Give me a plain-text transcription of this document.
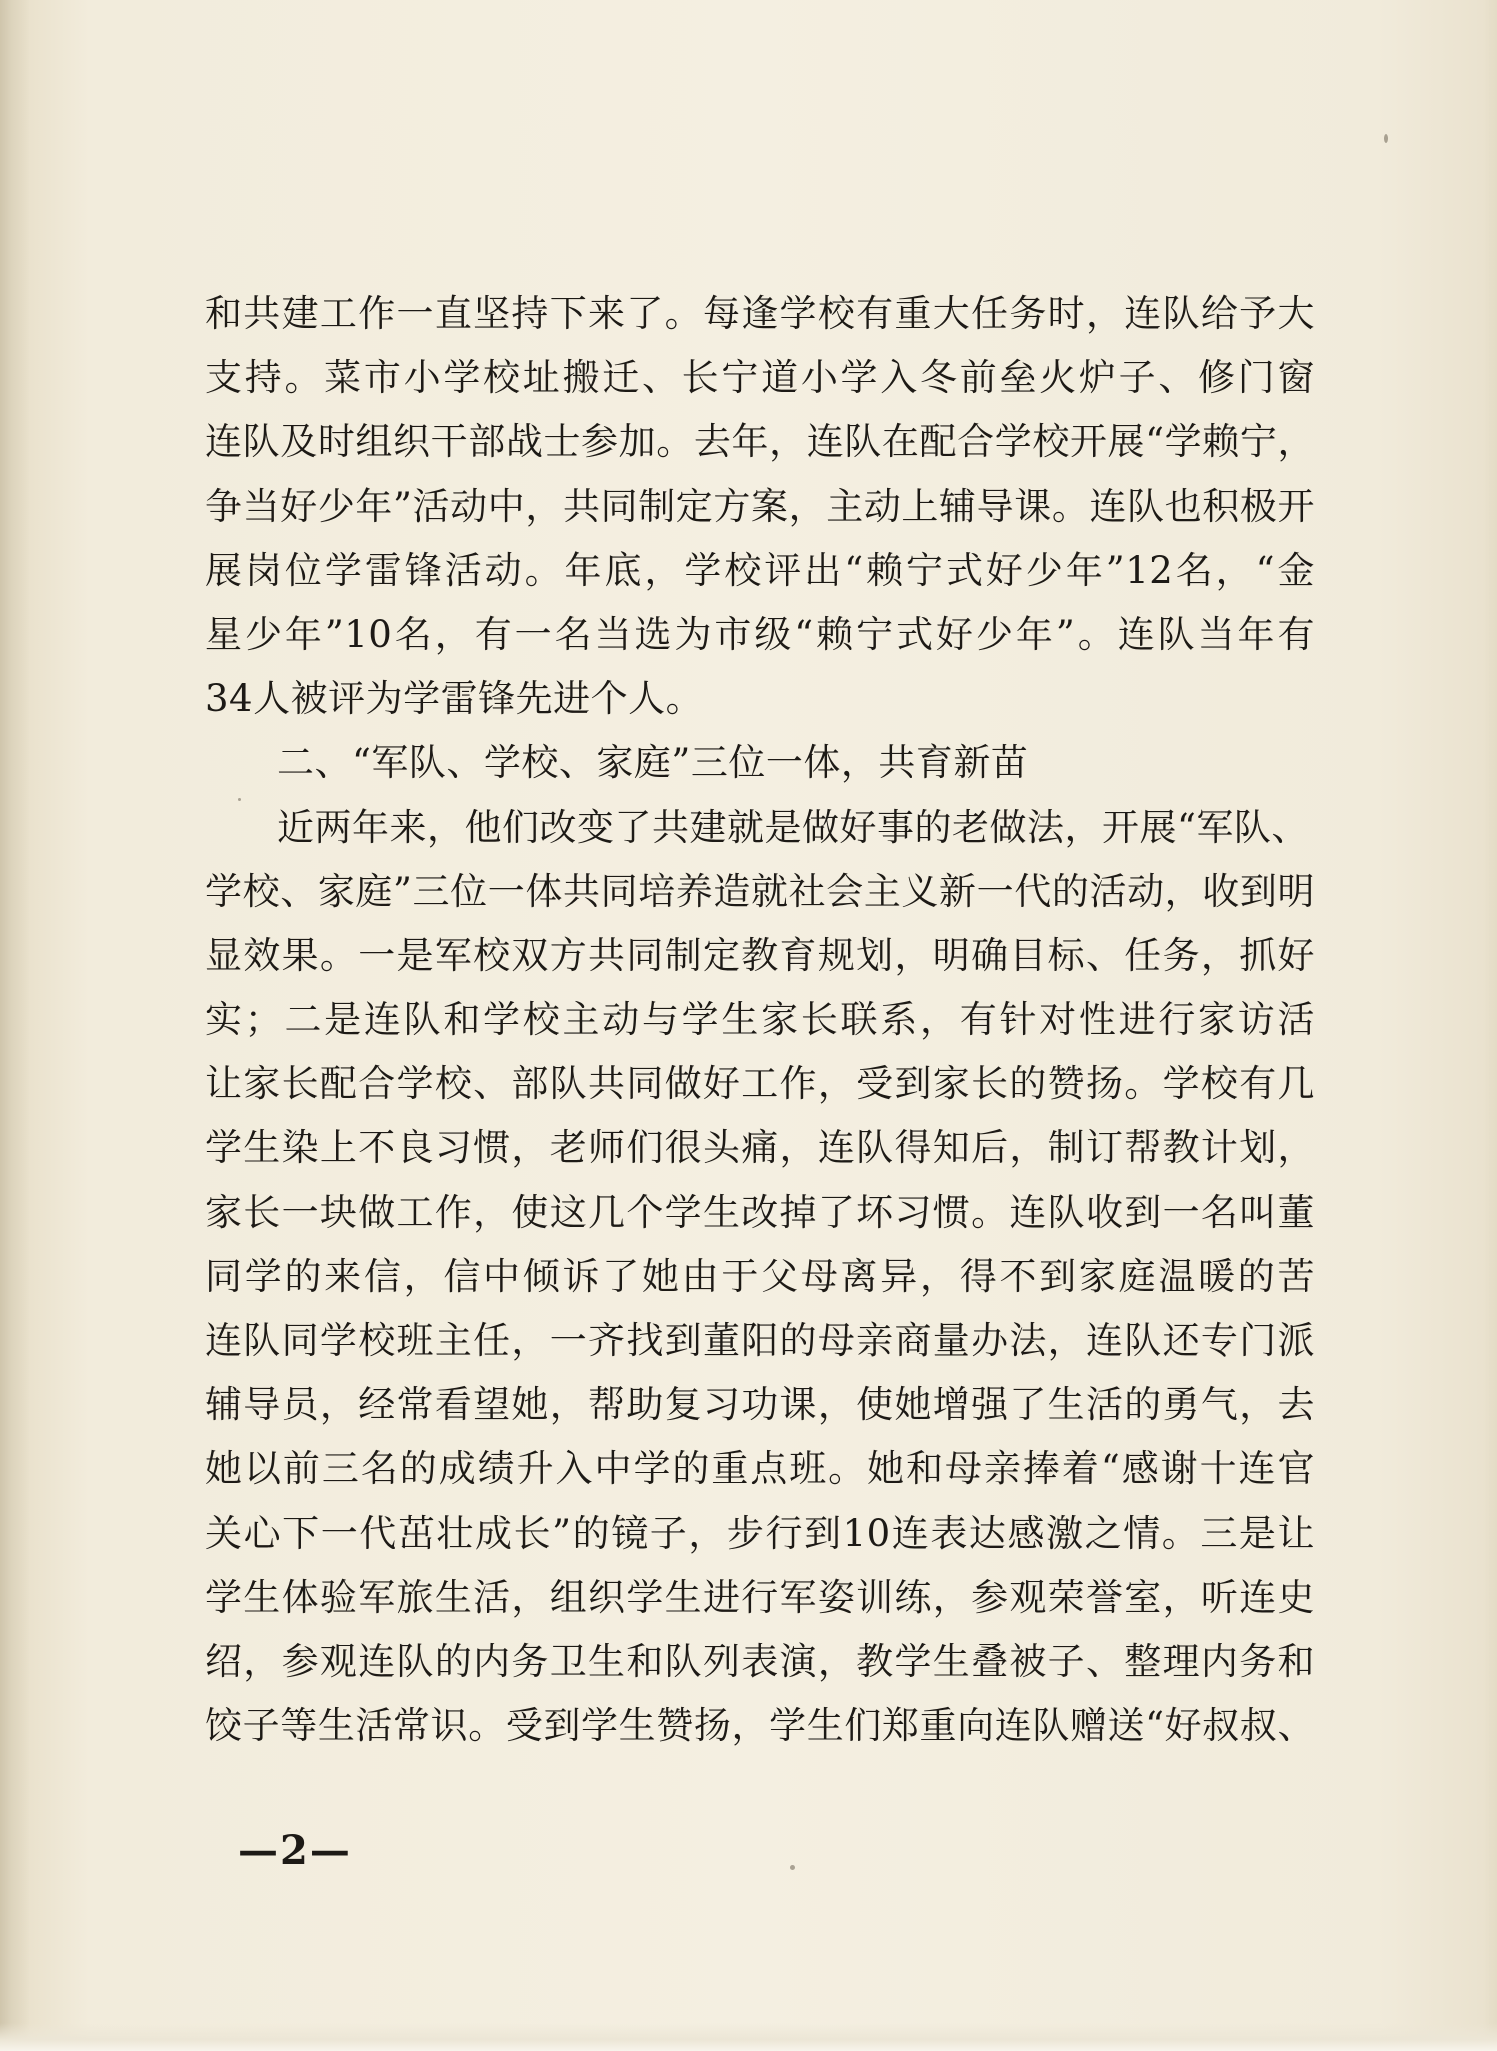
和共建工作一直坚持下来了。每逢学校有重大任务时，连队给予大
支持。菜市小学校址搬迁、长宁道小学入冬前垒火炉子、修门窗
连队及时组织干部战士参加。去年，连队在配合学校开展“学赖宁，
争当好少年”活动中，共同制定方案，主动上辅导课。连队也积极开
展岗位学雷锋活动。年底，学校评出“赖宁式好少年”12名，“金
星少年”10名，有一名当选为市级“赖宁式好少年”。连队当年有
34人被评为学雷锋先进个人。
二、“军队、学校、家庭”三位一体，共育新苗
近两年来，他们改变了共建就是做好事的老做法，开展“军队、
学校、家庭”三位一体共同培养造就社会主义新一代的活动，收到明
显效果。一是军校双方共同制定教育规划，明确目标、任务，抓好
实；二是连队和学校主动与学生家长联系，有针对性进行家访活
让家长配合学校、部队共同做好工作，受到家长的赞扬。学校有几
学生染上不良习惯，老师们很头痛，连队得知后，制订帮教计划，
家长一块做工作，使这几个学生改掉了坏习惯。连队收到一名叫董
同学的来信，信中倾诉了她由于父母离异，得不到家庭温暖的苦
连队同学校班主任，一齐找到董阳的母亲商量办法，连队还专门派
辅导员，经常看望她，帮助复习功课，使她增强了生活的勇气，去
她以前三名的成绩升入中学的重点班。她和母亲捧着“感谢十连官
关心下一代茁壮成长”的镜子，步行到10连表达感激之情。三是让
学生体验军旅生活，组织学生进行军姿训练，参观荣誉室，听连史
绍，参观连队的内务卫生和队列表演，教学生叠被子、整理内务和
饺子等生活常识。受到学生赞扬，学生们郑重向连队赠送“好叔叔、
—2—
